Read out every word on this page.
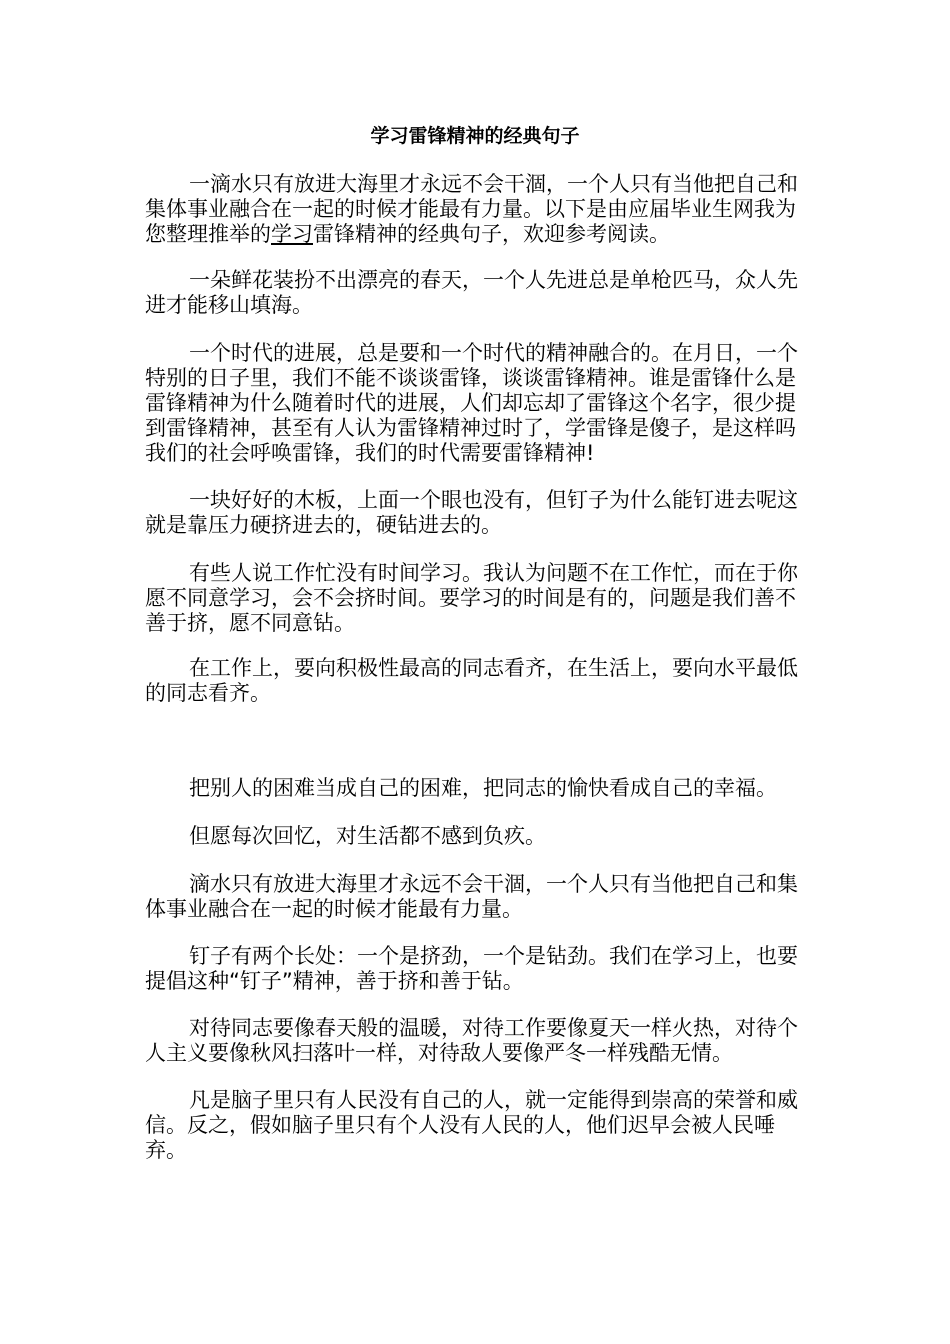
学习雷锋精神的经典句子

一滴水只有放进大海里才永远不会干涸，一个人只有当他把自己和集体事业融合在一起的时候才能最有力量。以下是由应届毕业生网我为您整理推举的学习雷锋精神的经典句子，欢迎参考阅读。

一朵鲜花装扮不出漂亮的春天，一个人先进总是单枪匹马，众人先进才能移山填海。

一个时代的进展，总是要和一个时代的精神融合的。在月日，一个特别的日子里，我们不能不谈谈雷锋，谈谈雷锋精神。谁是雷锋什么是雷锋精神为什么随着时代的进展，人们却忘却了雷锋这个名字，很少提到雷锋精神，甚至有人认为雷锋精神过时了，学雷锋是傻子，是这样吗我们的社会呼唤雷锋，我们的时代需要雷锋精神!

一块好好的木板，上面一个眼也没有，但钉子为什么能钉进去呢这就是靠压力硬挤进去的，硬钻进去的。

有些人说工作忙没有时间学习。我认为问题不在工作忙，而在于你愿不同意学习，会不会挤时间。要学习的时间是有的，问题是我们善不善于挤，愿不同意钻。

在工作上，要向积极性最高的同志看齐，在生活上，要向水平最低的同志看齐。

把别人的困难当成自己的困难，把同志的愉快看成自己的幸福。

但愿每次回忆，对生活都不感到负疚。

滴水只有放进大海里才永远不会干涸，一个人只有当他把自己和集体事业融合在一起的时候才能最有力量。

钉子有两个长处：一个是挤劲，一个是钻劲。我们在学习上，也要提倡这种“钉子”精神，善于挤和善于钻。

对待同志要像春天般的温暖，对待工作要像夏天一样火热，对待个人主义要像秋风扫落叶一样，对待敌人要像严冬一样残酷无情。

凡是脑子里只有人民没有自己的人，就一定能得到崇高的荣誉和威信。反之，假如脑子里只有个人没有人民的人，他们迟早会被人民唾弃。
